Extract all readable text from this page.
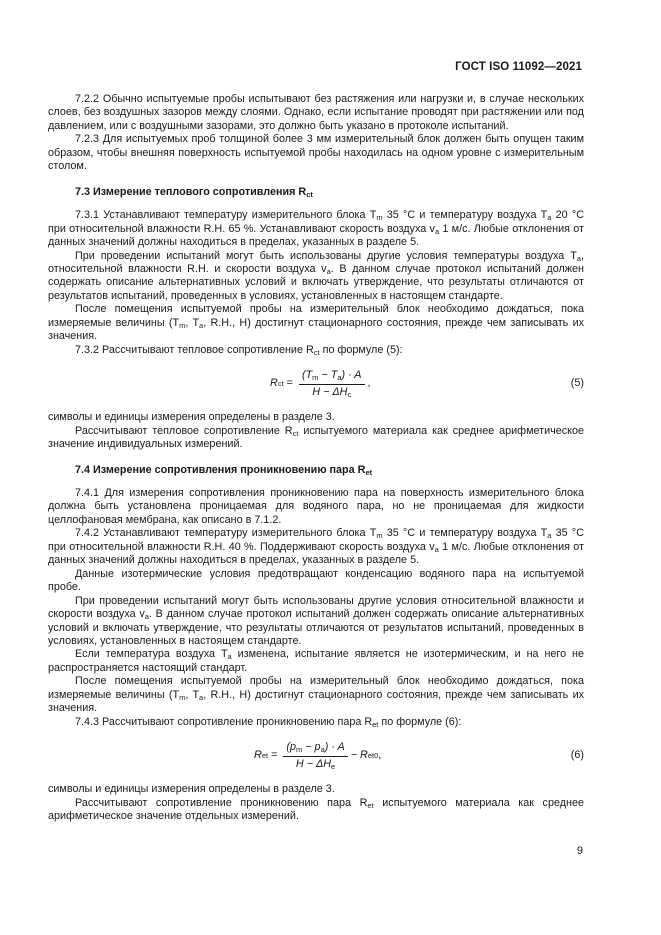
ГОСТ ISO 11092—2021

7.2.2 Обычно испытуемые пробы испытывают без растяжения или нагрузки и, в случае нескольких слоев, без воздушных зазоров между слоями. Однако, если испытание проводят при растяжении или под давлением, или с воздушными зазорами, это должно быть указано в протоколе испытаний.

7.2.3 Для испытуемых проб толщиной более 3 мм измерительный блок должен быть опущен таким образом, чтобы внешняя поверхность испытуемой пробы находилась на одном уровне с измерительным столом.

7.3 Измерение теплового сопротивления $R_{ct}$

7.3.1 Устанавливают температуру измерительного блока $T_m$ 35 °С и температуру воздуха $T_a$ 20 °С при относительной влажности R.H. 65 %. Устанавливают скорость воздуха $v_a$ 1 м/с. Любые отклонения от данных значений должны находиться в пределах, указанных в разделе 5.

При проведении испытаний могут быть использованы другие условия температуры воздуха $T_a$, относительной влажности R.H. и скорости воздуха $v_a$. В данном случае протокол испытаний должен содержать описание альтернативных условий и включать утверждение, что результаты отличаются от результатов испытаний, проведенных в условиях, установленных в настоящем стандарте.

После помещения испытуемой пробы на измерительный блок необходимо дождаться, пока измеряемые величины ($T_m$, $T_a$, R.H., H) достигнут стационарного состояния, прежде чем записывать их значения.

7.3.2 Рассчитывают тепловое сопротивление $R_{ct}$ по формуле (5):

R ct = $\frac{(T_m - T_a) \cdot A}{H - \Delta H_c}$ ,	(5)

символы и единицы измерения определены в разделе 3.

Рассчитывают тепловое сопротивление $R_{ct}$ испытуемого материала как среднее арифметическое значение индивидуальных измерений.

7.4 Измерение сопротивления проникновению пара $R_{et}$

7.4.1 Для измерения сопротивления проникновению пара на поверхность измерительного блока должна быть установлена проницаемая для водяного пара, но не проницаемая для жидкости целлофановая мембрана, как описано в 7.1.2.

7.4.2 Устанавливают температуру измерительного блока $T_m$ 35 °С и температуру воздуха $T_a$ 35 °С при относительной влажности R.H. 40 %. Поддерживают скорость воздуха $v_a$ 1 м/с. Любые отклонения от данных значений должны находиться в пределах, указанных в разделе 5.

Данные изотермические условия предотвращают конденсацию водяного пара на испытуемой пробе.

При проведении испытаний могут быть использованы другие условия относительной влажности и скорости воздуха $v_a$. В данном случае протокол испытаний должен содержать описание альтернативных условий и включать утверждение, что результаты отличаются от результатов испытаний, проведенных в условиях, установленных в настоящем стандарте.

Если температура воздуха $T_a$ изменена, испытание является не изотермическим, и на него не распространяется настоящий стандарт.

После помещения испытуемой пробы на измерительный блок необходимо дождаться, пока измеряемые величины ($T_m$, $T_a$, R.H., H) достигнут стационарного состояния, прежде чем записывать их значения.

7.4.3 Рассчитывают сопротивление проникновению пара $R_{et}$ по формуле (6):

R et = $\frac{(p_m - p_a) \cdot A}{H - \Delta H_e} - R$ et0 ,	(6)

символы и единицы измерения определены в разделе 3.

Рассчитывают сопротивление проникновению пара $R_{et}$ испытуемого материала как среднее арифметическое значение отдельных измерений.

9
